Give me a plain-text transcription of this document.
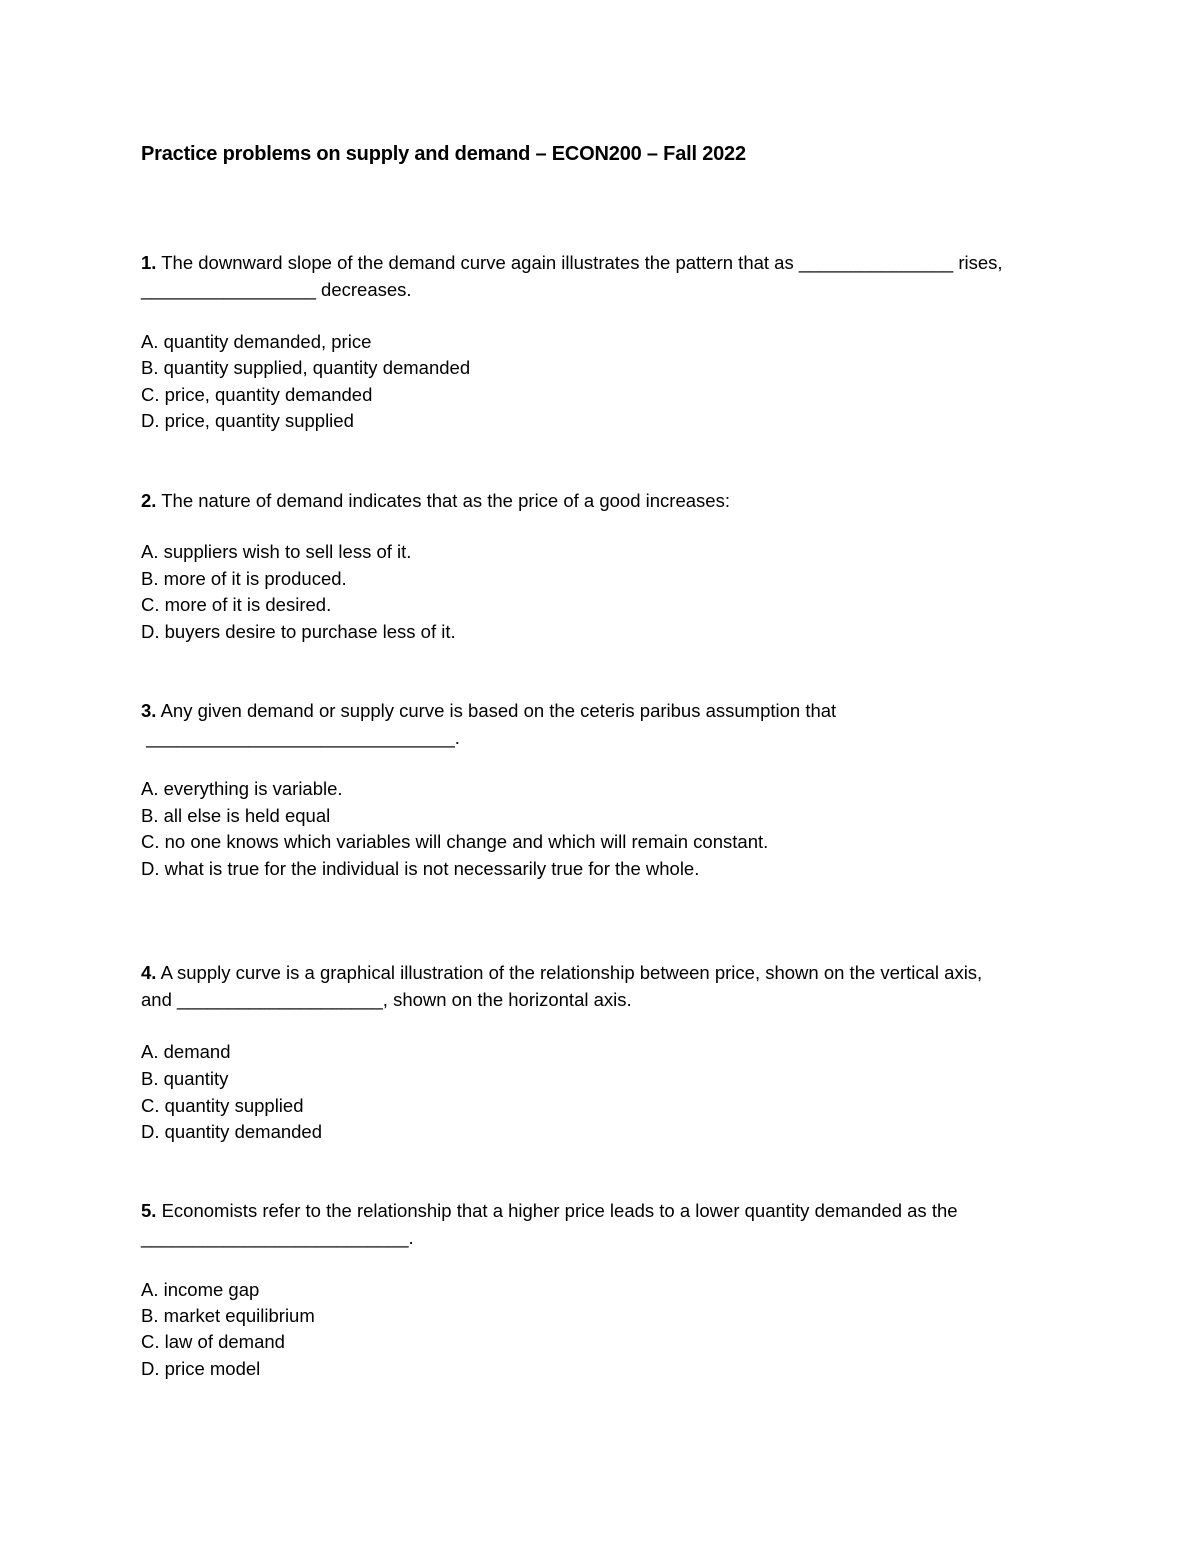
Practice problems on supply and demand – ECON200 – Fall 2022
1. The downward slope of the demand curve again illustrates the pattern that as _______________ rises,
_________________ decreases.
A. quantity demanded, price
B. quantity supplied, quantity demanded
C. price, quantity demanded
D. price, quantity supplied
2. The nature of demand indicates that as the price of a good increases:
A. suppliers wish to sell less of it.
B. more of it is produced.
C. more of it is desired.
D. buyers desire to purchase less of it.
3. Any given demand or supply curve is based on the ceteris paribus assumption that
______________________________.
A. everything is variable.
B. all else is held equal
C. no one knows which variables will change and which will remain constant.
D. what is true for the individual is not necessarily true for the whole.
4. A supply curve is a graphical illustration of the relationship between price, shown on the vertical axis,
and ____________________, shown on the horizontal axis.
A. demand
B. quantity
C. quantity supplied
D. quantity demanded
5. Economists refer to the relationship that a higher price leads to a lower quantity demanded as the
__________________________.
A. income gap
B. market equilibrium
C. law of demand
D. price model
